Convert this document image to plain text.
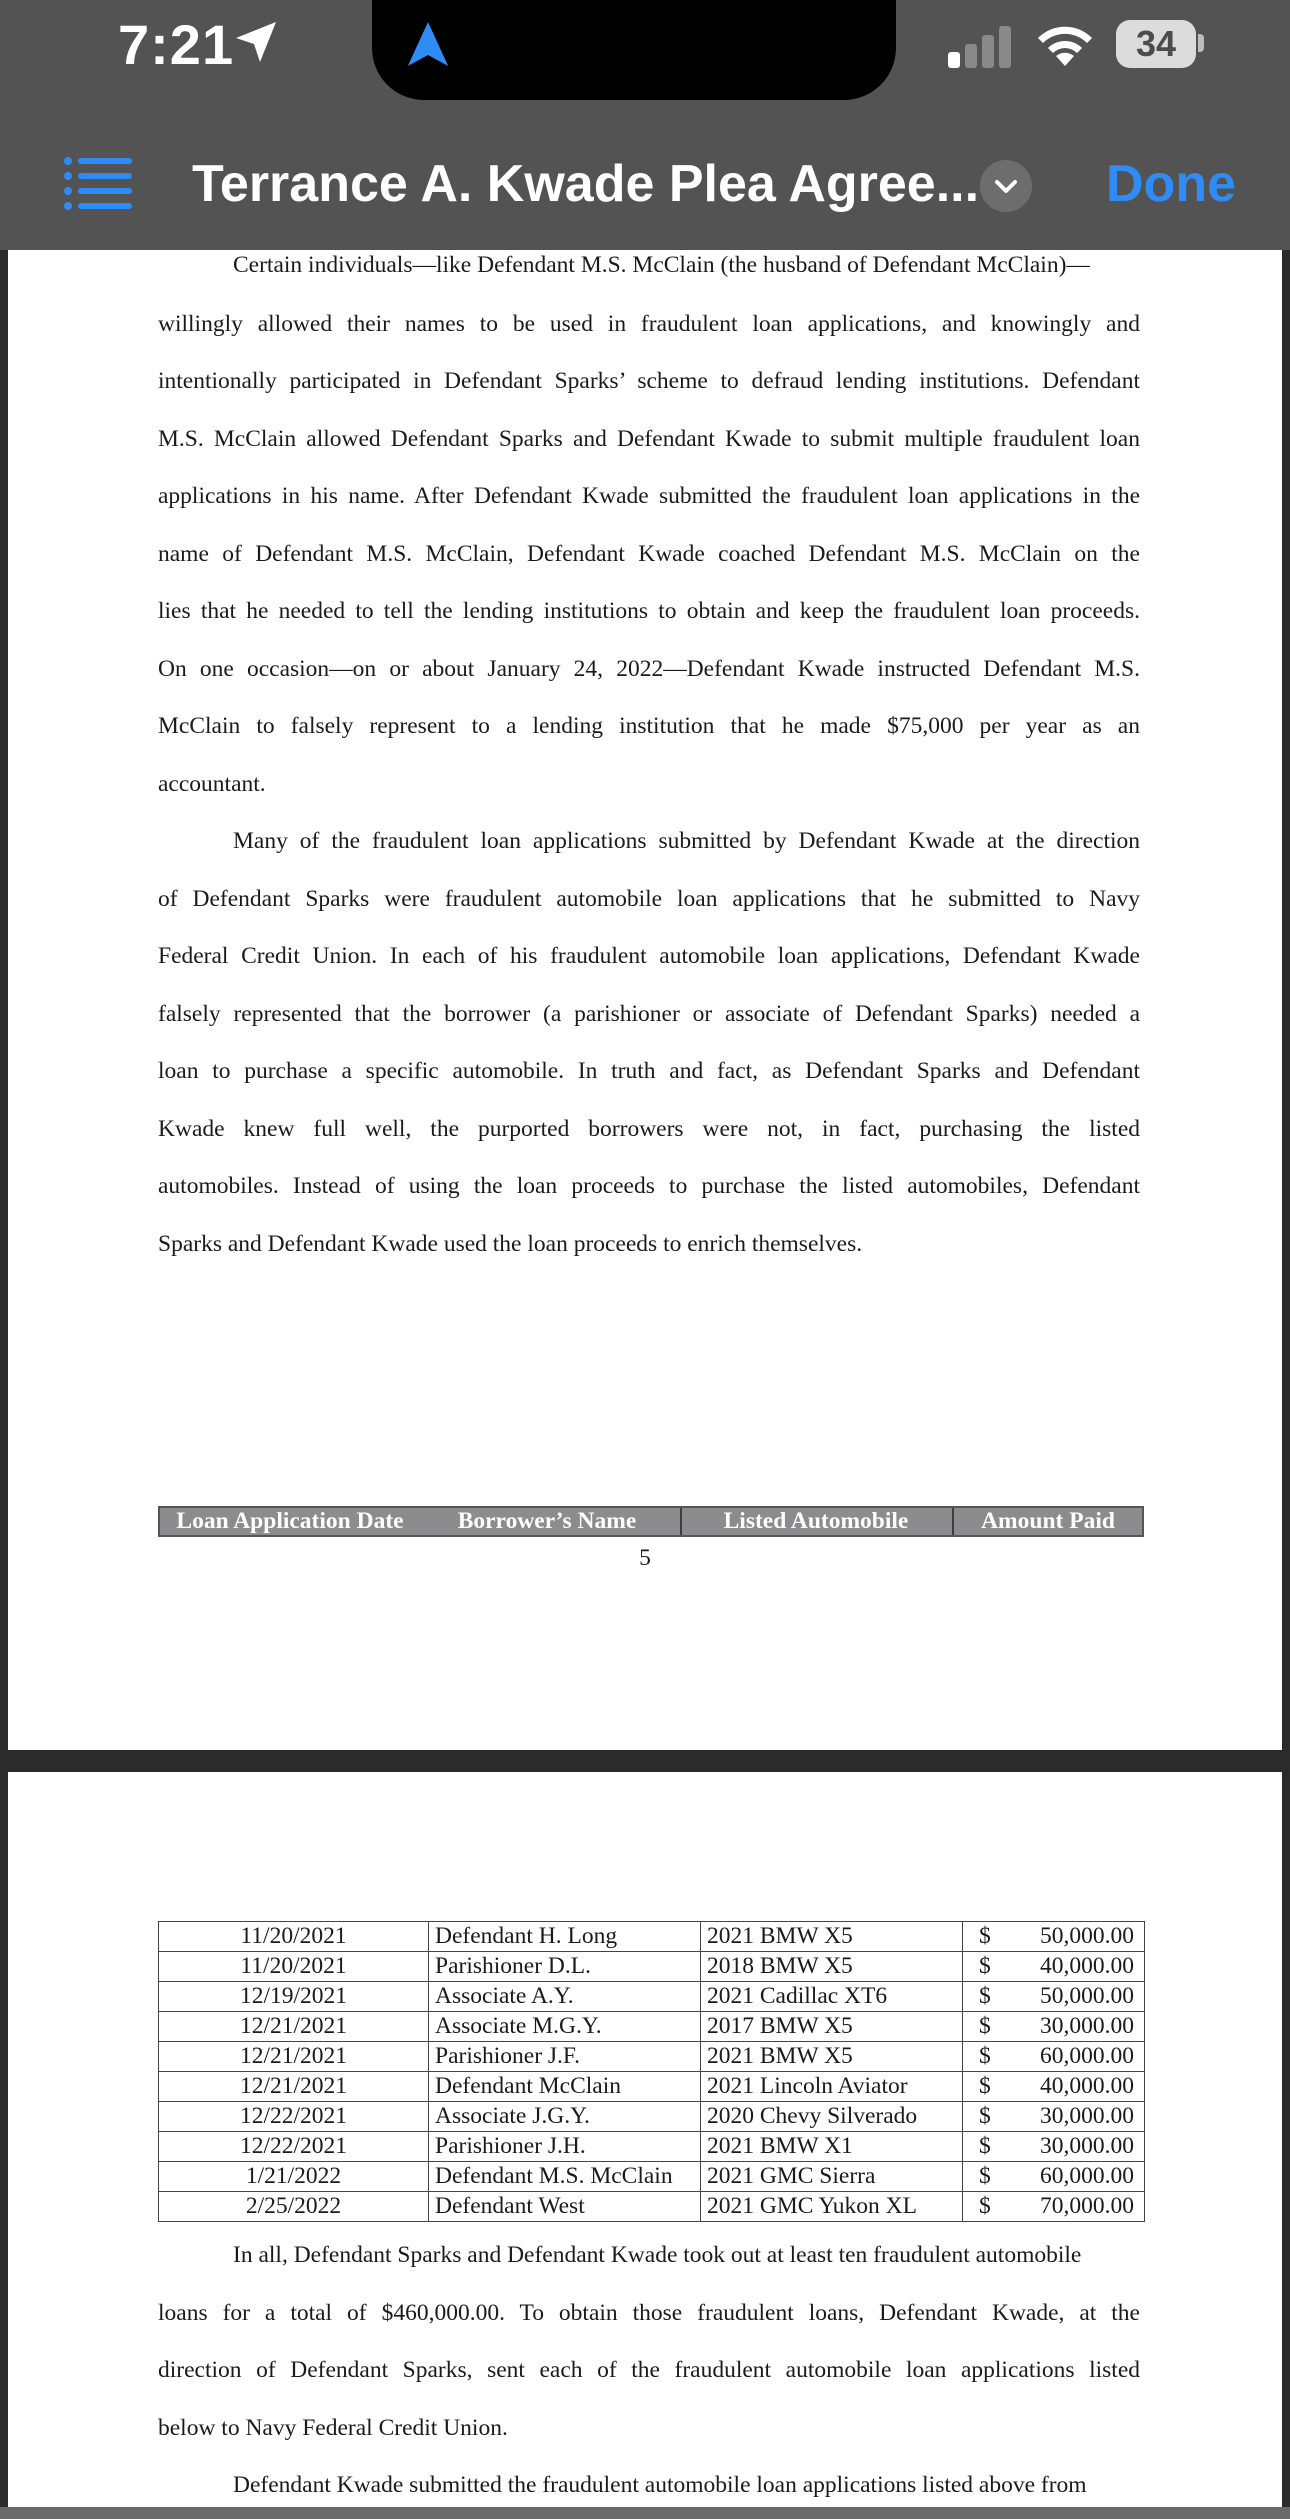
7:21	34
Terrance A. Kwade Plea Agree... Done
Certain individuals—like Defendant M.S. McClain (the husband of Defendant McClain)—
willingly allowed their names to be used in fraudulent loan applications, and knowingly and
intentionally participated in Defendant Sparks’ scheme to defraud lending institutions. Defendant
M.S. McClain allowed Defendant Sparks and Defendant Kwade to submit multiple fraudulent loan
applications in his name. After Defendant Kwade submitted the fraudulent loan applications in the
name of Defendant M.S. McClain, Defendant Kwade coached Defendant M.S. McClain on the
lies that he needed to tell the lending institutions to obtain and keep the fraudulent loan proceeds.
On one occasion—on or about January 24, 2022—Defendant Kwade instructed Defendant M.S.
McClain to falsely represent to a lending institution that he made $75,000 per year as an
accountant.
Many of the fraudulent loan applications submitted by Defendant Kwade at the direction
of Defendant Sparks were fraudulent automobile loan applications that he submitted to Navy
Federal Credit Union. In each of his fraudulent automobile loan applications, Defendant Kwade
falsely represented that the borrower (a parishioner or associate of Defendant Sparks) needed a
loan to purchase a specific automobile. In truth and fact, as Defendant Sparks and Defendant
Kwade knew full well, the purported borrowers were not, in fact, purchasing the listed
automobiles. Instead of using the loan proceeds to purchase the listed automobiles, Defendant
Sparks and Defendant Kwade used the loan proceeds to enrich themselves.
Loan Application Date	Borrower’s Name	Listed Automobile	Amount Paid
5
11/20/2021	Defendant H. Long	2021 BMW X5	$ 50,000.00

11/20/2021	Parishioner D.L.	2018 BMW X5	$ 40,000.00

12/19/2021	Associate A.Y.	2021 Cadillac XT6	$ 50,000.00

12/21/2021	Associate M.G.Y.	2017 BMW X5	$ 30,000.00

12/21/2021	Parishioner J.F.	2021 BMW X5	$ 60,000.00

12/21/2021	Defendant McClain	2021 Lincoln Aviator	$ 40,000.00

12/22/2021	Associate J.G.Y.	2020 Chevy Silverado	$ 30,000.00

12/22/2021	Parishioner J.H.	2021 BMW X1	$ 30,000.00

1/21/2022	Defendant M.S. McClain	2021 GMC Sierra	$ 60,000.00

2/25/2022	Defendant West	2021 GMC Yukon XL	$ 70,000.00
In all, Defendant Sparks and Defendant Kwade took out at least ten fraudulent automobile
loans for a total of $460,000.00. To obtain those fraudulent loans, Defendant Kwade, at the
direction of Defendant Sparks, sent each of the fraudulent automobile loan applications listed
below to Navy Federal Credit Union.
Defendant Kwade submitted the fraudulent automobile loan applications listed above from
